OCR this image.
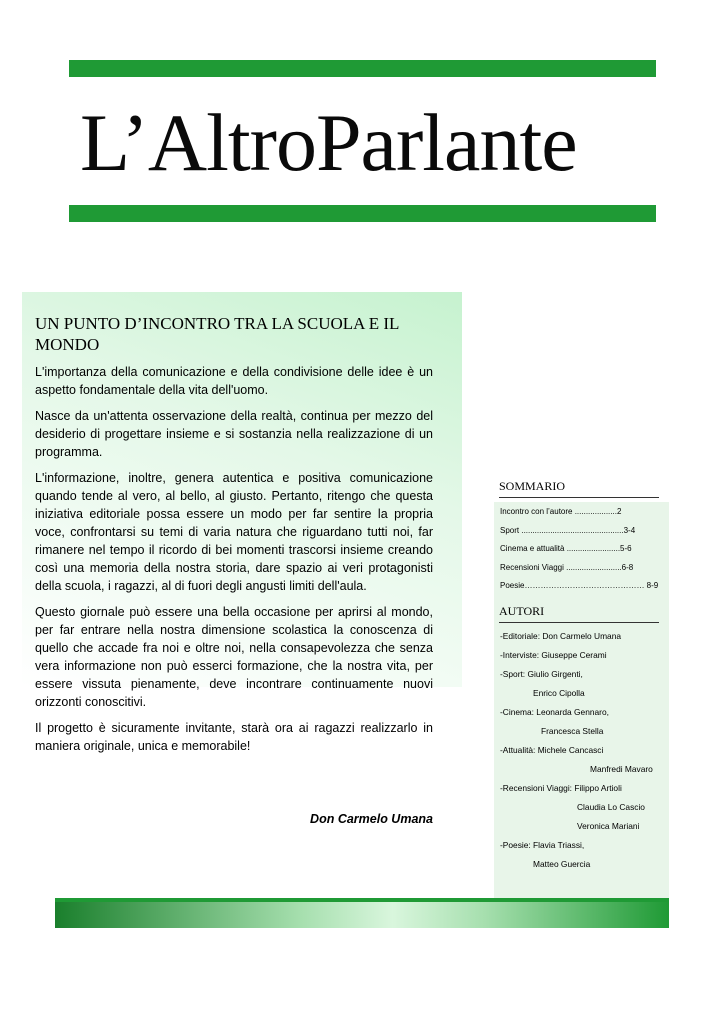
L’AltroParlante
UN PUNTO D’INCONTRO TRA LA SCUOLA E IL MONDO

L'importanza della comunicazione e della condivisione delle idee è un aspetto fondamentale della vita dell'uomo.

Nasce da un'attenta osservazione della realtà, continua per mezzo del desiderio di progettare insieme e si sostanzia nella realizzazione di un programma.

L'informazione, inoltre, genera autentica e positiva comunicazione quando tende al vero, al bello, al giusto. Pertanto, ritengo che questa iniziativa editoriale possa essere un modo per far sentire la propria voce, confrontarsi su temi di varia natura che riguardano tutti noi, far rimanere nel tempo il ricordo di bei momenti trascorsi insieme creando così una memoria della nostra storia, dare spazio ai veri protagonisti della scuola, i ragazzi, al di fuori degli angusti limiti dell'aula.

Questo giornale può essere una bella occasione per aprirsi al mondo, per far entrare nella nostra dimensione scolastica la conoscenza di quello che accade fra noi e oltre noi, nella consapevolezza che senza vera informazione non può esserci formazione, che la nostra vita, per essere vissuta pienamente, deve incontrare continuamente nuovi orizzonti conoscitivi.

Il progetto è sicuramente invitante, starà ora ai ragazzi realizzarlo in maniera originale, unica e memorabile!

Don Carmelo Umana
SOMMARIO
Incontro con l’autore ...................2
Sport ..............................................3-4
Cinema e attualità ........................5-6
Recensioni Viaggi .........................6-8
Poesie……………………………………… 8-9
AUTORI
-Editoriale: Don Carmelo Umana
-Interviste: Giuseppe Cerami
-Sport: Giulio Girgenti,
Enrico Cipolla
-Cinema: Leonarda Gennaro,
Francesca Stella
-Attualità: Michele Cancasci
Manfredi Mavaro
-Recensioni Viaggi: Filippo Artioli
Claudia Lo Cascio
Veronica Mariani
-Poesie: Flavia Triassi,
Matteo Guercia
